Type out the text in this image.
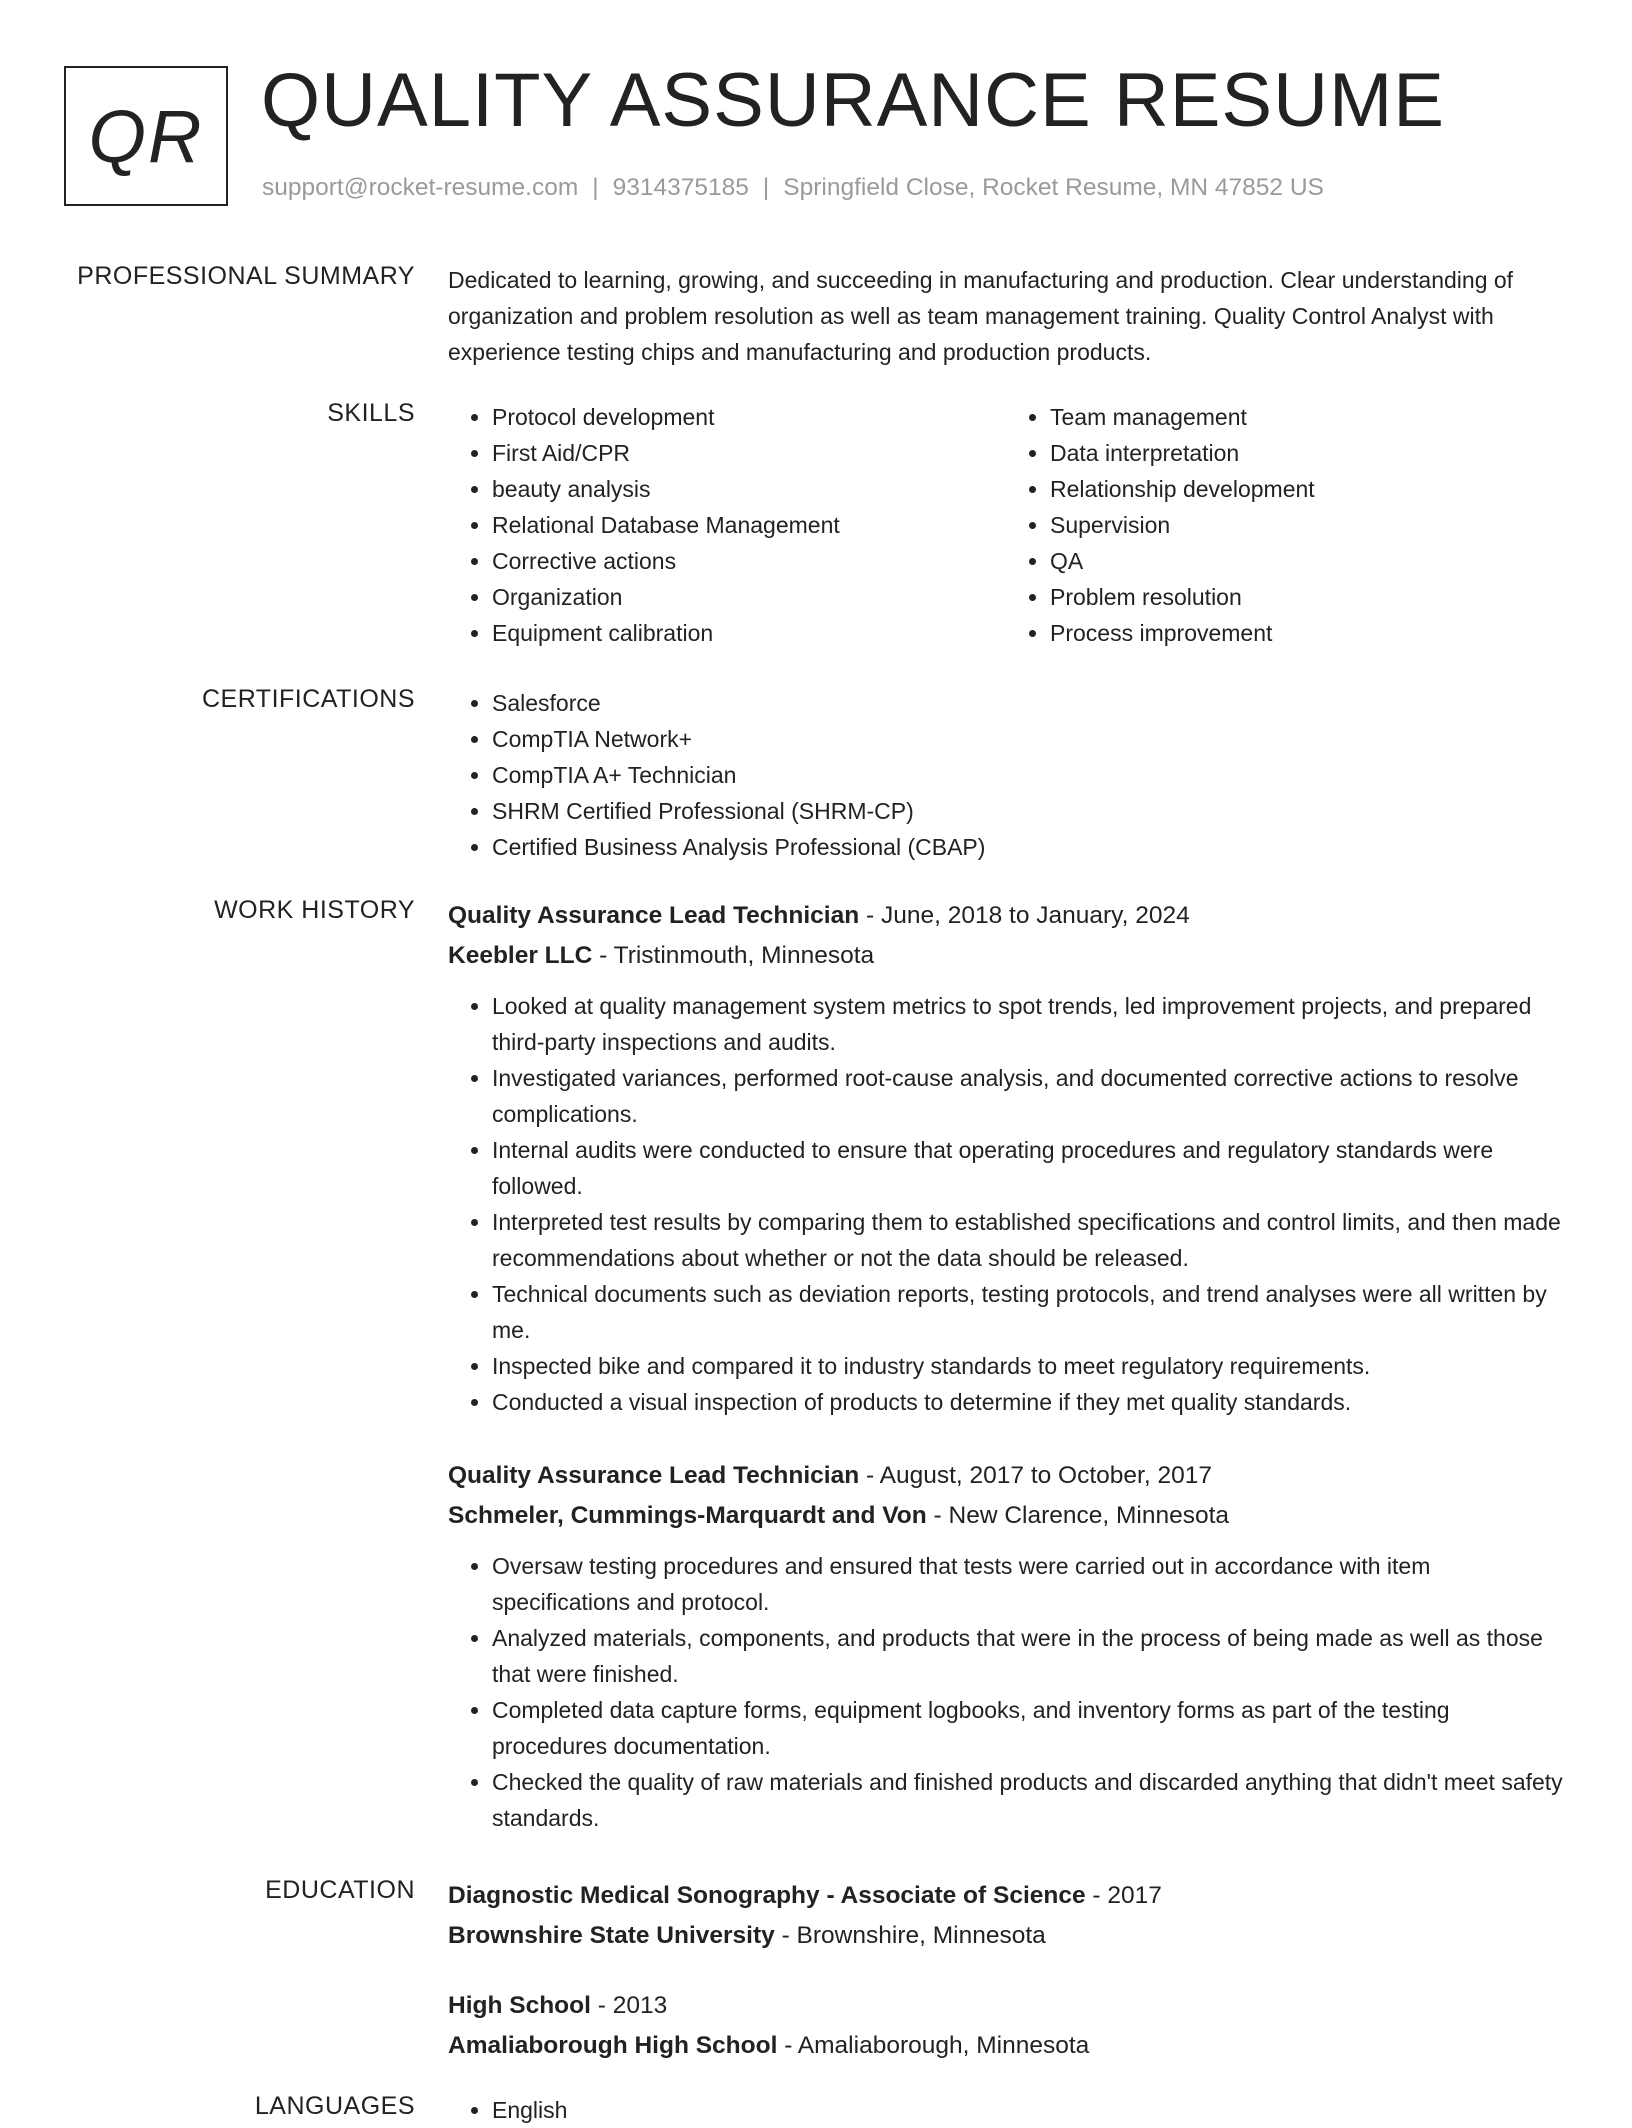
QR QUALITY ASSURANCE RESUME
support@rocket-resume.com | 9314375185 | Springfield Close, Rocket Resume, MN 47852 US
PROFESSIONAL SUMMARY Dedicated to learning, growing, and succeeding in manufacturing and production. Clear understanding of organization and problem resolution as well as team management training. Quality Control Analyst with experience testing chips and manufacturing and production products.

SKILLS	• Protocol development
• First Aid/CPR
• beauty analysis
• Relational Database Management
• Corrective actions
• Organization
• Equipment calibration
• Team management
• Data interpretation
• Relationship development
• Supervision
• QA
• Problem resolution
• Process improvement
CERTIFICATIONS	• Salesforce
• CompTIA Network+
• CompTIA A+ Technician
• SHRM Certified Professional (SHRM-CP)
• Certified Business Analysis Professional (CBAP)
WORK HISTORY Quality Assurance Lead Technician - June, 2018 to January, 2024
Keebler LLC - Tristinmouth, Minnesota
• Looked at quality management system metrics to spot trends, led improvement projects, and prepared third-party inspections and audits.
• Investigated variances, performed root-cause analysis, and documented corrective actions to resolve complications.
• Internal audits were conducted to ensure that operating procedures and regulatory standards were followed.
• Interpreted test results by comparing them to established specifications and control limits, and then made recommendations about whether or not the data should be released.
• Technical documents such as deviation reports, testing protocols, and trend analyses were all written by me.
• Inspected bike and compared it to industry standards to meet regulatory requirements.
• Conducted a visual inspection of products to determine if they met quality standards.
Quality Assurance Lead Technician - August, 2017 to October, 2017
Schmeler, Cummings-Marquardt and Von - New Clarence, Minnesota
• Oversaw testing procedures and ensured that tests were carried out in accordance with item specifications and protocol.
• Analyzed materials, components, and products that were in the process of being made as well as those that were finished.
• Completed data capture forms, equipment logbooks, and inventory forms as part of the testing procedures documentation.
• Checked the quality of raw materials and finished products and discarded anything that didn't meet safety standards.
EDUCATION Diagnostic Medical Sonography - Associate of Science - 2017
Brownshire State University - Brownshire, Minnesota
High School - 2013
Amaliaborough High School - Amaliaborough, Minnesota
LANGUAGES	• English
